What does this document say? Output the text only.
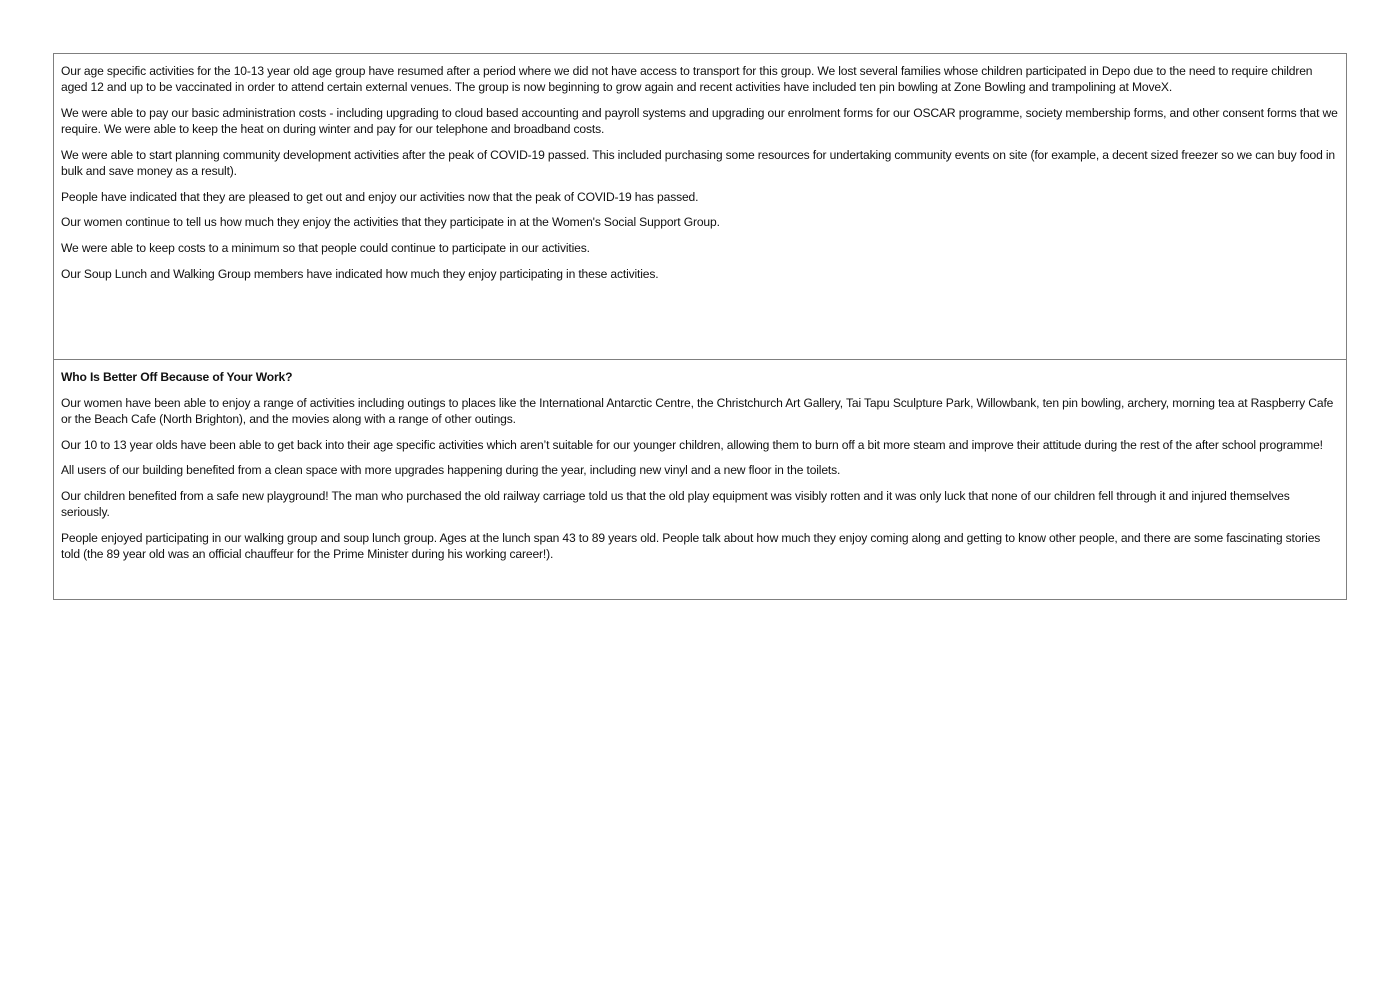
Our age specific activities for the 10-13 year old age group have resumed after a period where we did not have access to transport for this group. We lost several families whose children participated in Depo due to the need to require children aged 12 and up to be vaccinated in order to attend certain external venues. The group is now beginning to grow again and recent activities have included ten pin bowling at Zone Bowling and trampolining at MoveX.

We were able to pay our basic administration costs - including upgrading to cloud based accounting and payroll systems and upgrading our enrolment forms for our OSCAR programme, society membership forms, and other consent forms that we require. We were able to keep the heat on during winter and pay for our telephone and broadband costs.

We were able to start planning community development activities after the peak of COVID-19 passed. This included purchasing some resources for undertaking community events on site (for example, a decent sized freezer so we can buy food in bulk and save money as a result).

People have indicated that they are pleased to get out and enjoy our activities now that the peak of COVID-19 has passed.

Our women continue to tell us how much they enjoy the activities that they participate in at the Women's Social Support Group.

We were able to keep costs to a minimum so that people could continue to participate in our activities.

Our Soup Lunch and Walking Group members have indicated how much they enjoy participating in these activities.

Who Is Better Off Because of Your Work?

Our women have been able to enjoy a range of activities including outings to places like the International Antarctic Centre, the Christchurch Art Gallery, Tai Tapu Sculpture Park, Willowbank, ten pin bowling, archery, morning tea at Raspberry Cafe or the Beach Cafe (North Brighton), and the movies along with a range of other outings.

Our 10 to 13 year olds have been able to get back into their age specific activities which aren’t suitable for our younger children, allowing them to burn off a bit more steam and improve their attitude during the rest of the after school programme!

All users of our building benefited from a clean space with more upgrades happening during the year, including new vinyl and a new floor in the toilets.

Our children benefited from a safe new playground! The man who purchased the old railway carriage told us that the old play equipment was visibly rotten and it was only luck that none of our children fell through it and injured themselves seriously.

People enjoyed participating in our walking group and soup lunch group. Ages at the lunch span 43 to 89 years old. People talk about how much they enjoy coming along and getting to know other people, and there are some fascinating stories told (the 89 year old was an official chauffeur for the Prime Minister during his working career!).
